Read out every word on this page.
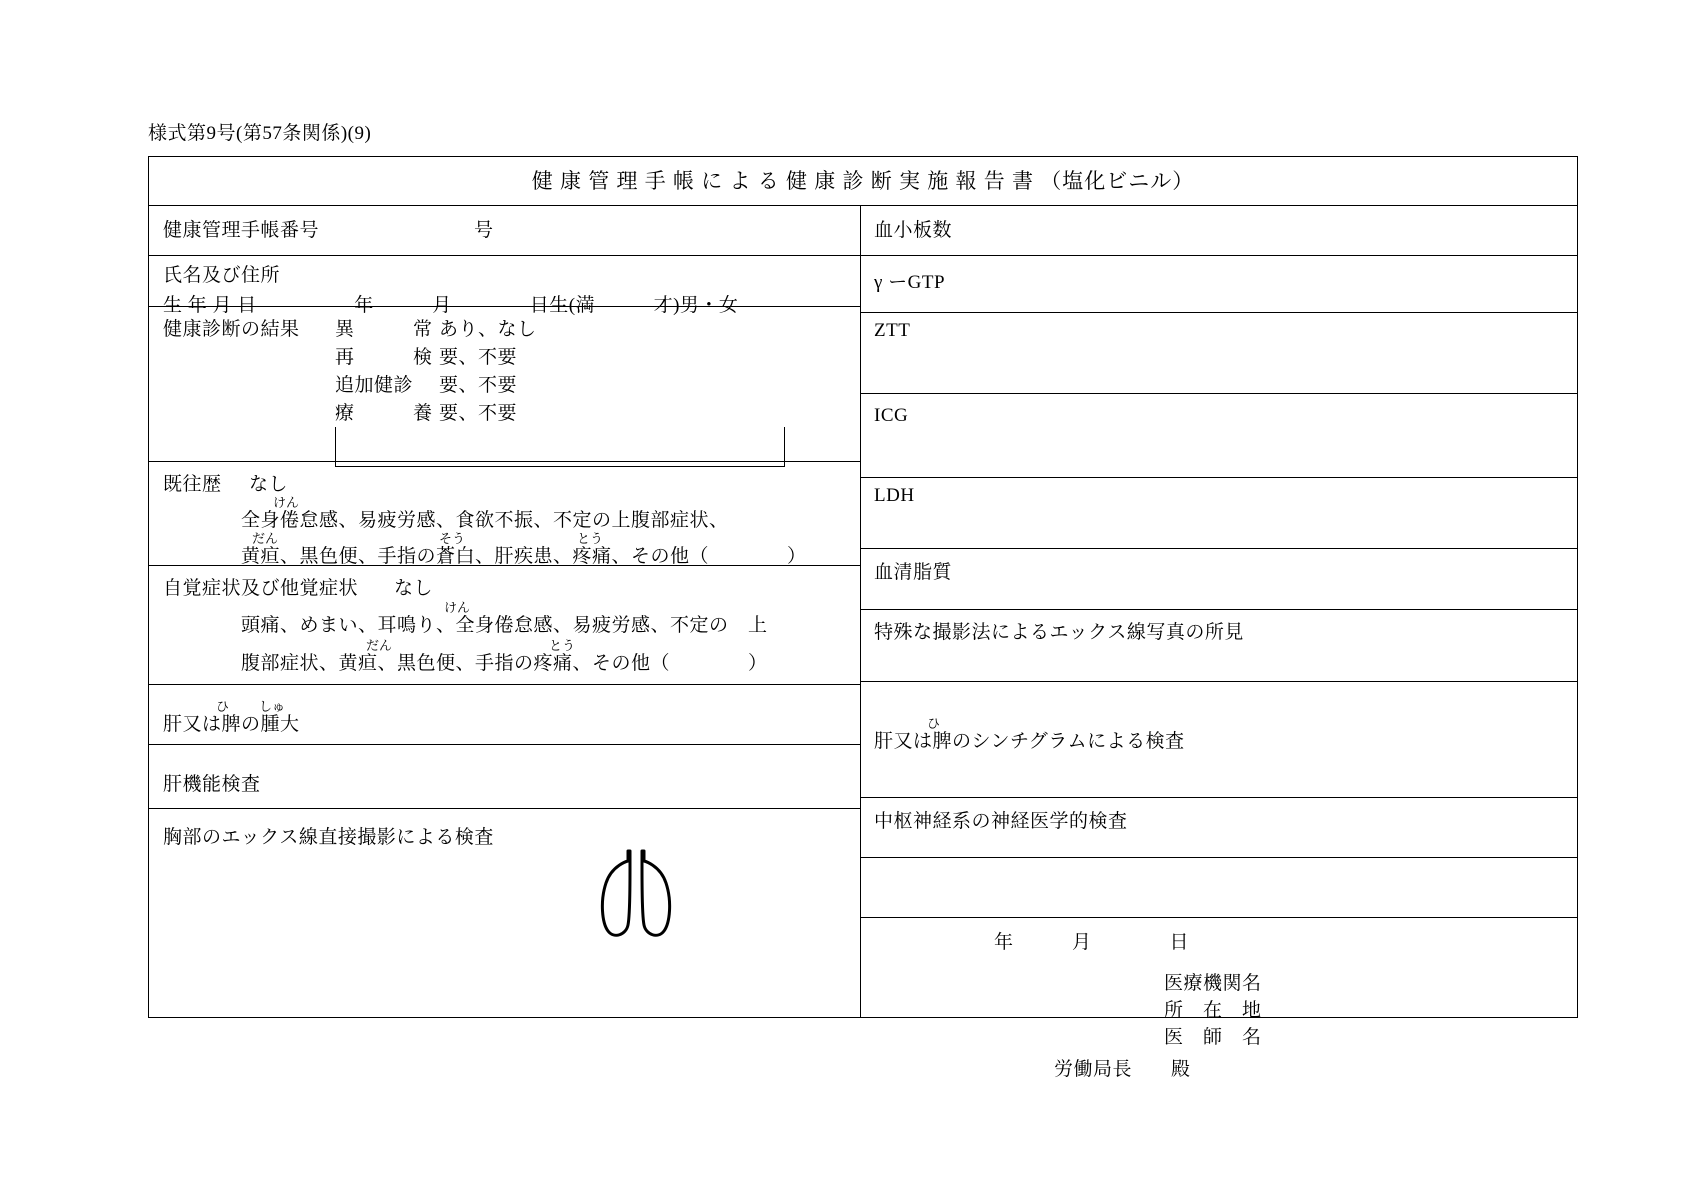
様式第9号(第57条関係)(9)
健 康 管 理 手 帳 に よ る 健 康 診 断 実 施 報 告 書 （塩化ビニル）
健康管理手帳番号	号
氏名及び住所
生 年 月 日　　　　　年　　　月　　　　日生(満　　　才)男・女
健康診断の結果 異　　　常 あり、なし
再　　　検 要、不要
追加健診 要、不要
療　　　養 要、不要
既往歴 なし
けん
全身倦怠感、易疲労感、食欲不振、不定の上腹部症状、
だん	そう	とう
黄疸、黒色便、手指の蒼白、肝疾患、疼痛、その他（　　　　）
自覚症状及び他覚症状 なし
けん
頭痛、めまい、耳鳴り、全身倦怠感、易疲労感、不定の　上
だん	とう
腹部症状、黄疸、黒色便、手指の疼痛、その他（　　　　）
ひ しゅ
肝又は脾の腫大
肝機能検査
胸部のエックス線直接撮影による検査
血小板数
γ ーGTP
ZTT
ICG
LDH
血清脂質
特殊な撮影法によるエックス線写真の所見
ひ
肝又は脾のシンチグラムによる検査
中枢神経系の神経医学的検査
年　　　月　　　　日
医療機関名
所　在　地
医　師　名
労働局長　　殿
